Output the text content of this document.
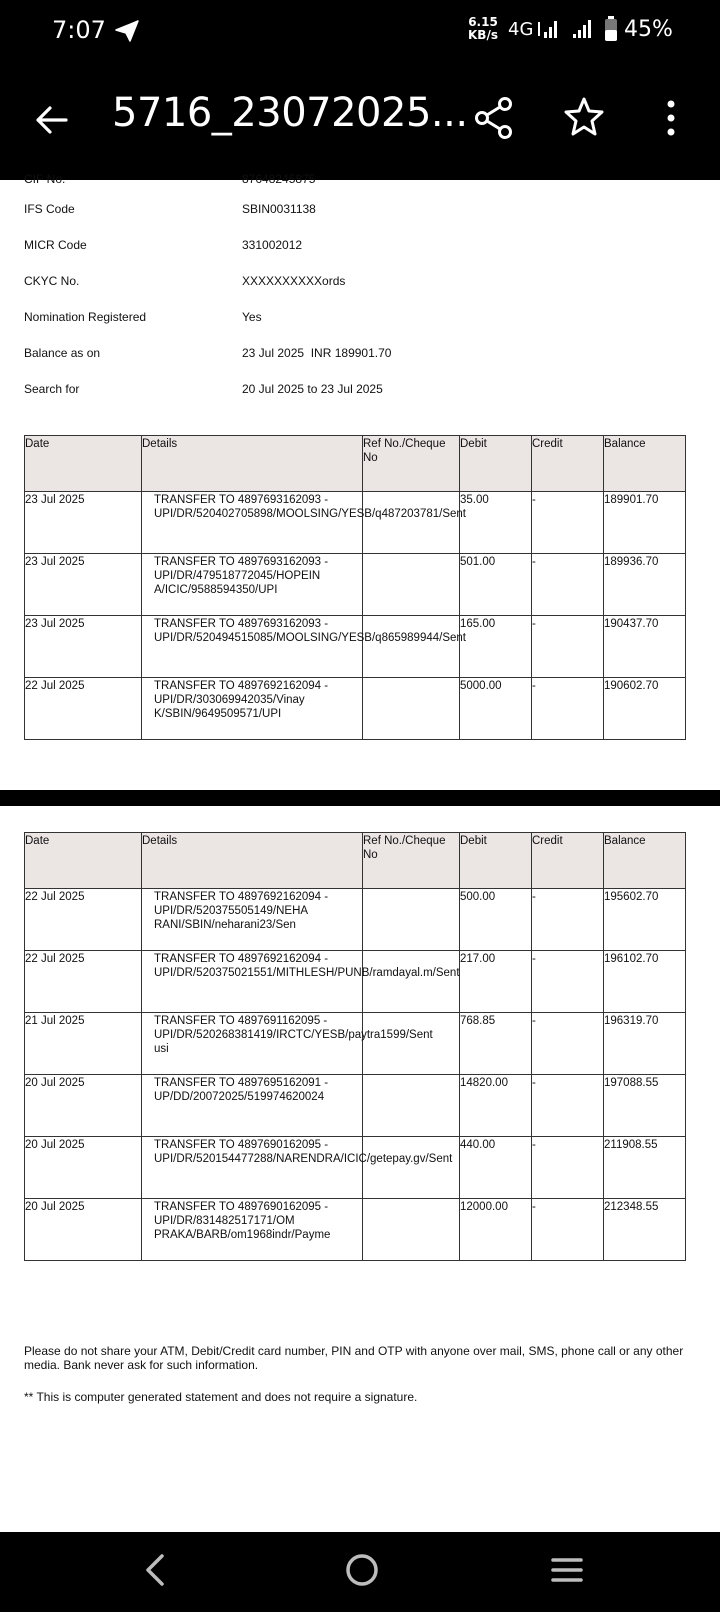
7:07	6.15
KB/s 4G	45%
5716_23072025...
CIF No.	87648245875
IFS Code	SBIN0031138
MICR Code	331002012
CKYC No.	XXXXXXXXXXords
Nomination Registered	Yes
Balance as on	23 Jul 2025  INR 189901.70
Search for	20 Jul 2025 to 23 Jul 2025
Date	Details	Ref No./Cheque No	Debit	Credit	Balance
23 Jul 2025	TRANSFER TO 4897693162093 - UPI/DR/520402705898/MOOLSING/YESB/q487203781/Sent		35.00	-	189901.70
23 Jul 2025	TRANSFER TO 4897693162093 - UPI/DR/479518772045/HOPEIN A/ICIC/9588594350/UPI		501.00	-	189936.70
23 Jul 2025	TRANSFER TO 4897693162093 - UPI/DR/520494515085/MOOLSING/YESB/q865989944/Sent		165.00	-	190437.70
22 Jul 2025	TRANSFER TO 4897692162094 - UPI/DR/303069942035/Vinay K/SBIN/9649509571/UPI		5000.00	-	190602.70
Date	Details	Ref No./Cheque No	Debit	Credit	Balance
22 Jul 2025	TRANSFER TO 4897692162094 - UPI/DR/520375505149/NEHA RANI/SBIN/neharani23/Sen		500.00	-	195602.70
22 Jul 2025	TRANSFER TO 4897692162094 - UPI/DR/520375021551/MITHLESH/PUNB/ramdayal.m/Sent		217.00	-	196102.70
21 Jul 2025	TRANSFER TO 4897691162095 - UPI/DR/520268381419/IRCTC/YESB/paytra1599/Sent usi		768.85	-	196319.70
20 Jul 2025	TRANSFER TO 4897695162091 - UP/DD/20072025/519974620024		14820.00	-	197088.55
20 Jul 2025	TRANSFER TO 4897690162095 - UPI/DR/520154477288/NARENDRA/ICIC/getepay.gv/Sent		440.00	-	211908.55
20 Jul 2025	TRANSFER TO 4897690162095 - UPI/DR/831482517171/OM PRAKA/BARB/om1968indr/Payme		12000.00	-	212348.55

Please do not share your ATM, Debit/Credit card number, PIN and OTP with anyone over mail, SMS, phone call or any other media. Bank never ask for such information.

** This is computer generated statement and does not require a signature.
